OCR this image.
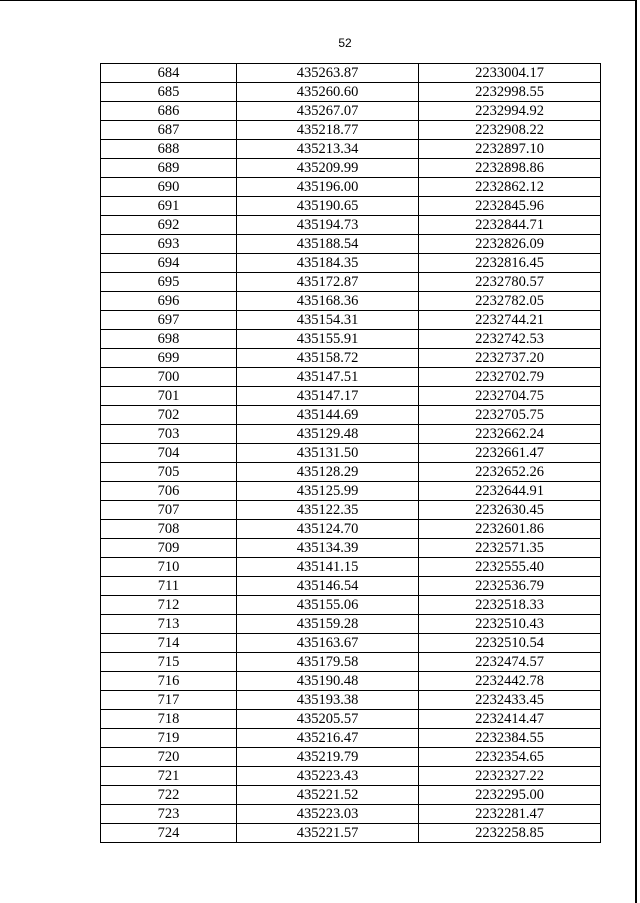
52
684	435263.87	2233004.17
685	435260.60	2232998.55
686	435267.07	2232994.92
687	435218.77	2232908.22
688	435213.34	2232897.10
689	435209.99	2232898.86
690	435196.00	2232862.12
691	435190.65	2232845.96
692	435194.73	2232844.71
693	435188.54	2232826.09
694	435184.35	2232816.45
695	435172.87	2232780.57
696	435168.36	2232782.05
697	435154.31	2232744.21
698	435155.91	2232742.53
699	435158.72	2232737.20
700	435147.51	2232702.79
701	435147.17	2232704.75
702	435144.69	2232705.75
703	435129.48	2232662.24
704	435131.50	2232661.47
705	435128.29	2232652.26
706	435125.99	2232644.91
707	435122.35	2232630.45
708	435124.70	2232601.86
709	435134.39	2232571.35
710	435141.15	2232555.40
711	435146.54	2232536.79
712	435155.06	2232518.33
713	435159.28	2232510.43
714	435163.67	2232510.54
715	435179.58	2232474.57
716	435190.48	2232442.78
717	435193.38	2232433.45
718	435205.57	2232414.47
719	435216.47	2232384.55
720	435219.79	2232354.65
721	435223.43	2232327.22
722	435221.52	2232295.00
723	435223.03	2232281.47
724	435221.57	2232258.85
